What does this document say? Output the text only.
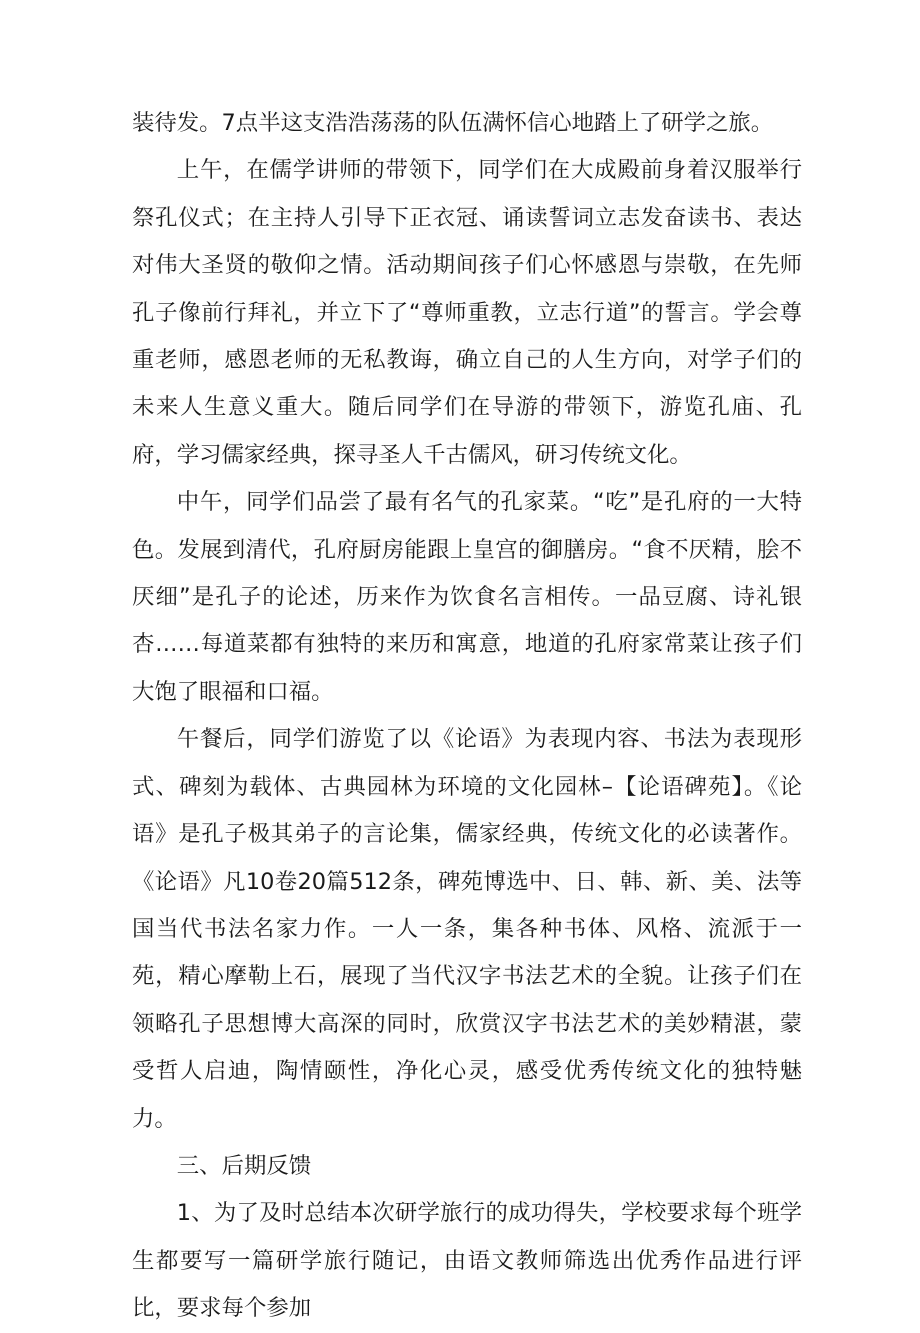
装待发。7点半这支浩浩荡荡的队伍满怀信心地踏上了研学之旅。

上午，在儒学讲师的带领下，同学们在大成殿前身着汉服举行祭孔仪式；在主持人引导下正衣冠、诵读誓词立志发奋读书、表达对伟大圣贤的敬仰之情。活动期间孩子们心怀感恩与崇敬，在先师孔子像前行拜礼，并立下了“尊师重教，立志行道”的誓言。学会尊重老师，感恩老师的无私教诲，确立自己的人生方向，对学子们的未来人生意义重大。随后同学们在导游的带领下，游览孔庙、孔府，学习儒家经典，探寻圣人千古儒风，研习传统文化。

中午，同学们品尝了最有名气的孔家菜。“吃”是孔府的一大特色。发展到清代，孔府厨房能跟上皇宫的御膳房。“食不厌精，脍不厌细”是孔子的论述，历来作为饮食名言相传。一品豆腐、诗礼银杏……每道菜都有独特的来历和寓意，地道的孔府家常菜让孩子们大饱了眼福和口福。

午餐后，同学们游览了以《论语》为表现内容、书法为表现形式、碑刻为载体、古典园林为环境的文化园林–【论语碑苑】。《论语》是孔子极其弟子的言论集，儒家经典，传统文化的必读著作。《论语》凡10卷20篇512条，碑苑博选中、日、韩、新、美、法等国当代书法名家力作。一人一条，集各种书体、风格、流派于一苑，精心摩勒上石，展现了当代汉字书法艺术的全貌。让孩子们在领略孔子思想博大高深的同时，欣赏汉字书法艺术的美妙精湛，蒙受哲人启迪，陶情颐性，净化心灵，感受优秀传统文化的独特魅力。

三、后期反馈

1、为了及时总结本次研学旅行的成功得失，学校要求每个班学生都要写一篇研学旅行随记，由语文教师筛选出优秀作品进行评比，要求每个参加
